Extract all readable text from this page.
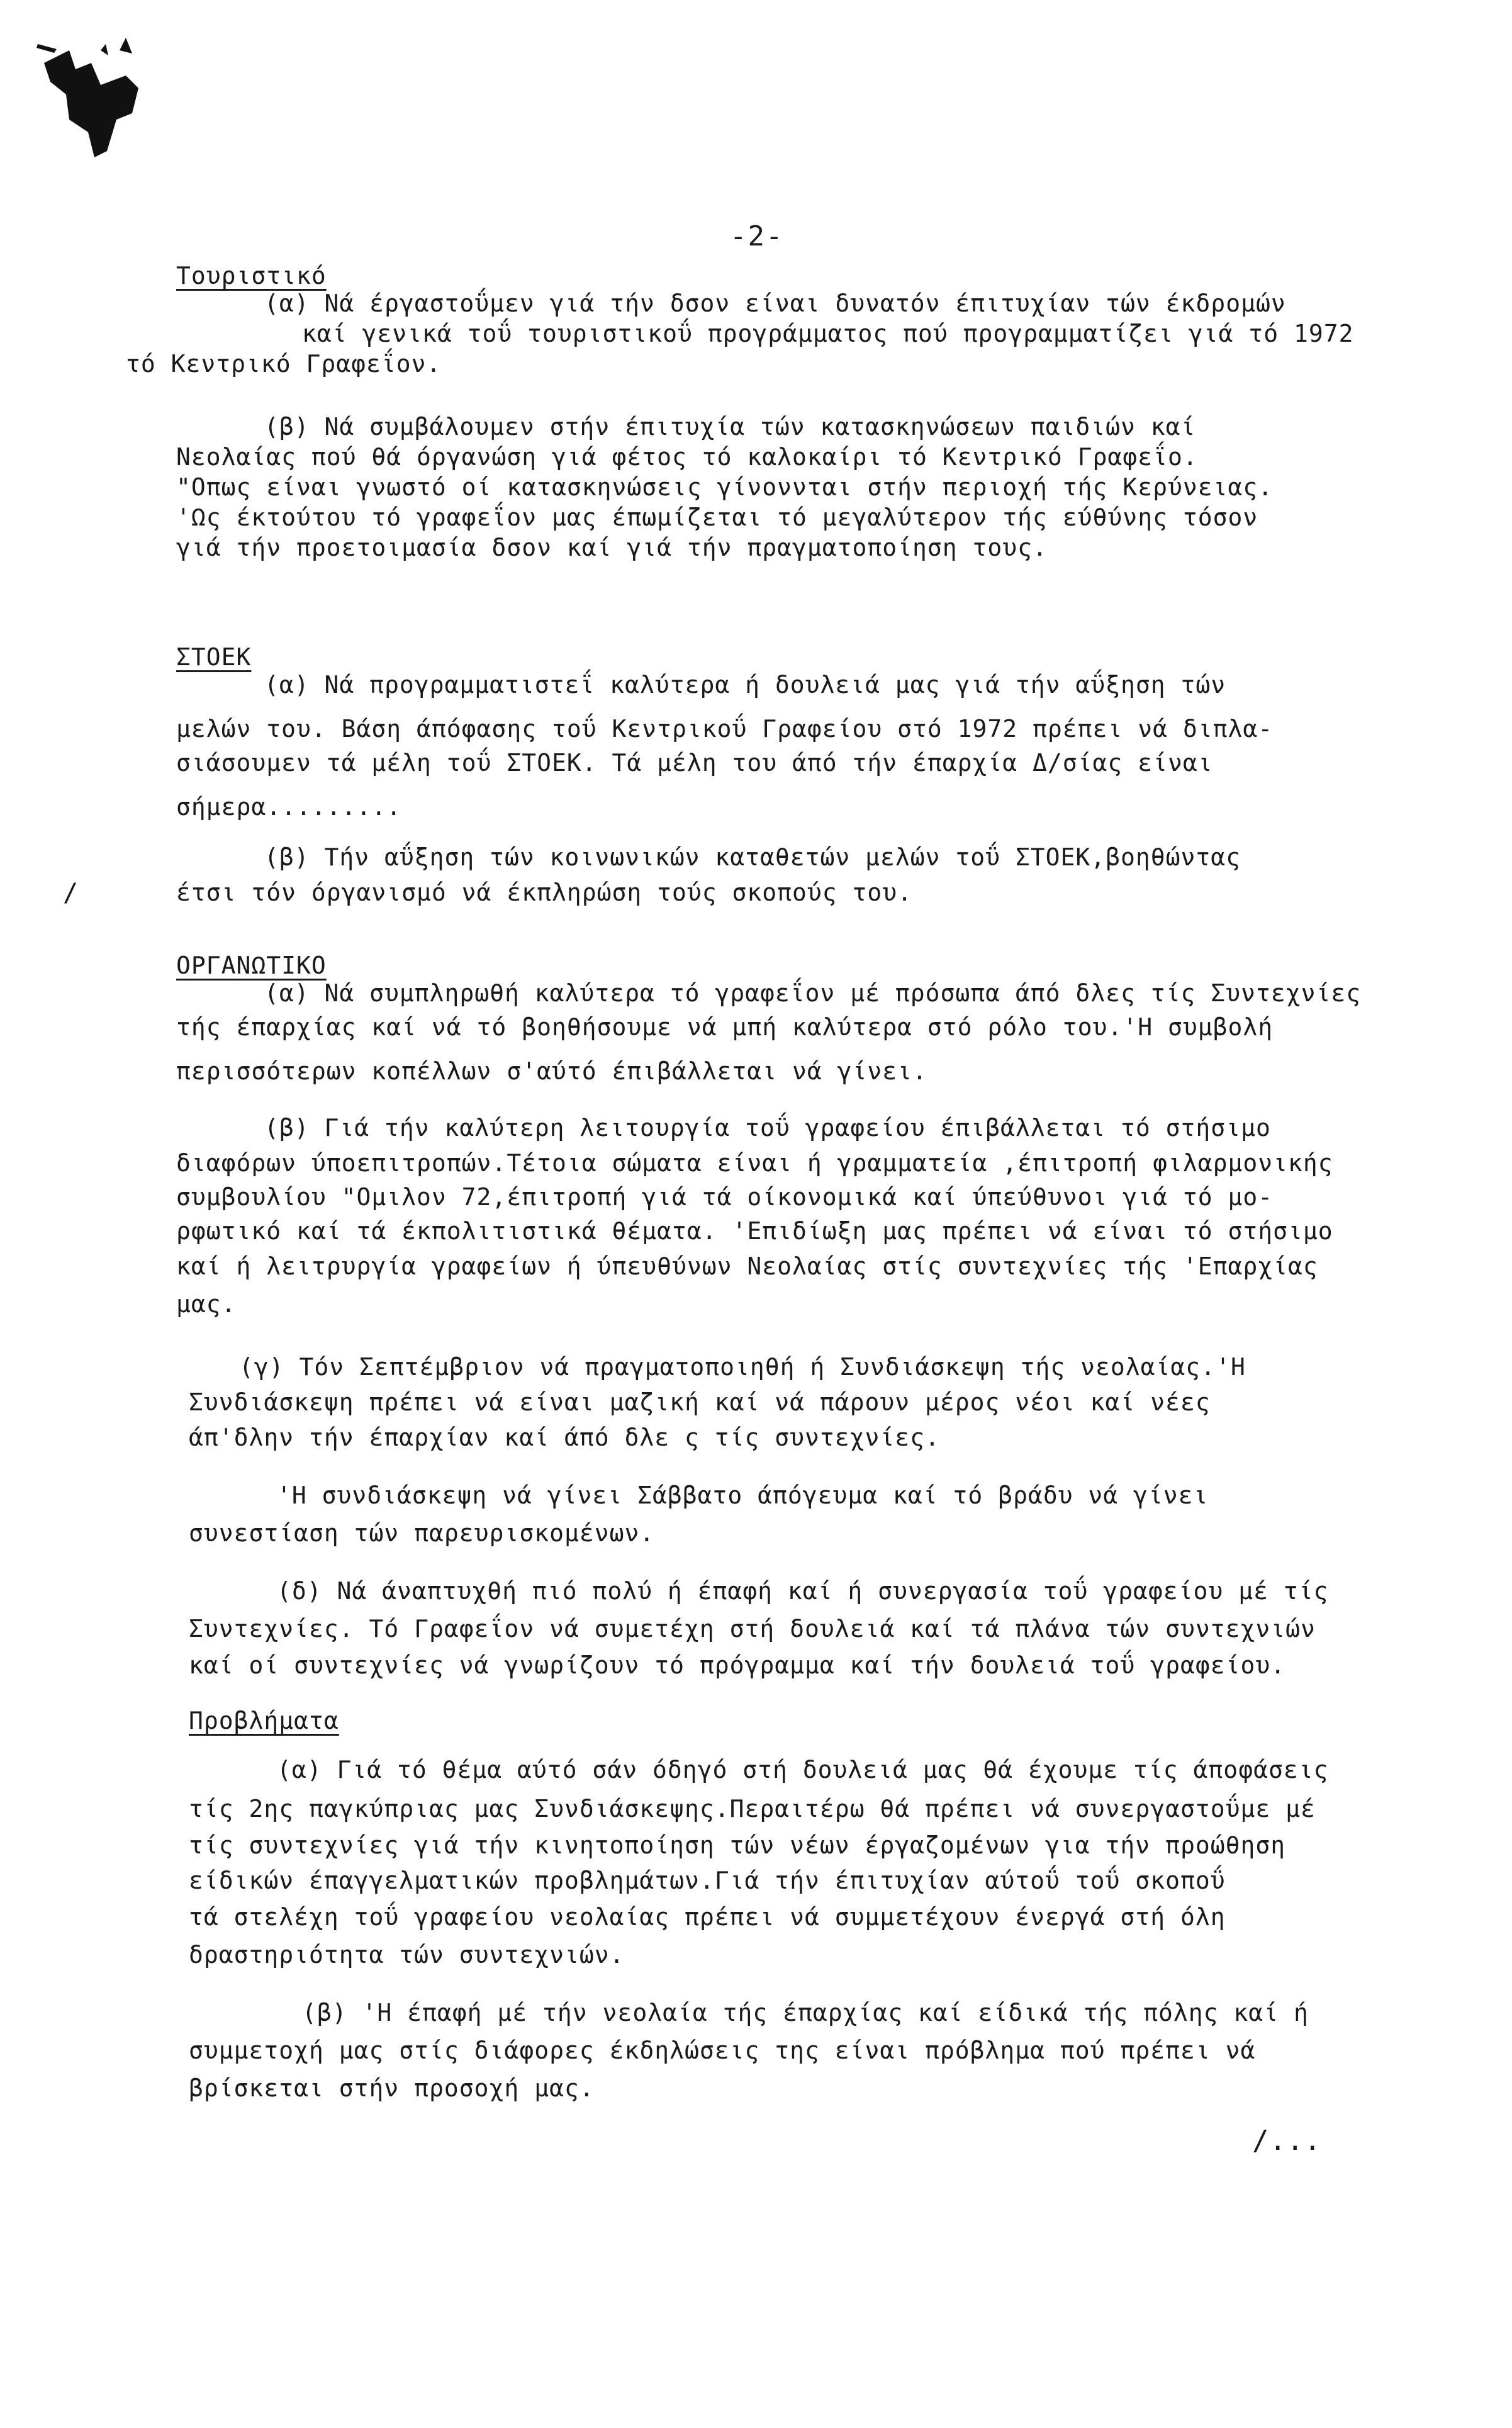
-2-
Τουριστικό
(α) Νά έργαστοΰμεν γιά τήν δσον είναι δυνατόν έπιτυχίαν τών έκδρομών
καί γενικά τοΰ τουριστικοΰ προγράμματος πού προγραμματίζει γιά τό 1972
τό Κεντρικό Γραφεΐον.
(β) Νά συμβάλουμεν στήν έπιτυχία τών κατασκηνώσεων παιδιών καί
Νεολαίας πού θά όργανώση γιά φέτος τό καλοκαίρι τό Κεντρικό Γραφεΐο.
"Οπως είναι γνωστό οί κατασκηνώσεις γίνοννται στήν περιοχή τής Κερύνειας.
'Ως έκτούτου τό γραφεΐον μας έπωμίζεται τό μεγαλύτερον τής εύθύνης τόσον
γιά τήν προετοιμασία δσον καί γιά τήν πραγματοποίηση τους.
ΣΤΟΕΚ
(α) Νά προγραμματιστεΐ καλύτερα ή δουλειά μας γιά τήν αΰξηση τών
μελών του. Βάση άπόφασης τοΰ Κεντρικοΰ Γραφείου στό 1972 πρέπει νά διπλα-
σιάσουμεν τά μέλη τοΰ ΣΤΟΕΚ. Τά μέλη του άπό τήν έπαρχία Δ/σίας είναι
σήμερα.........
(β) Τήν αΰξηση τών κοινωνικών καταθετών μελών τοΰ ΣΤΟΕΚ,βοηθώντας
έτσι τόν όργανισμό νά έκπληρώση τούς σκοπούς του.
/
ΟΡΓΑΝΩΤΙΚΟ
(α) Νά συμπληρωθή καλύτερα τό γραφεΐον μέ πρόσωπα άπό δλες τίς Συντεχνίες
τής έπαρχίας καί νά τό βοηθήσουμε νά μπή καλύτερα στό ρόλο του.'Η συμβολή
περισσότερων κοπέλλων σ'αύτό έπιβάλλεται νά γίνει.
(β) Γιά τήν καλύτερη λειτουργία τοΰ γραφείου έπιβάλλεται τό στήσιμο
διαφόρων ύποεπιτροπών.Τέτοια σώματα είναι ή γραμματεία ,έπιτροπή φιλαρμονικής
συμβουλίου "Ομιλον 72,έπιτροπή γιά τά οίκονομικά καί ύπεύθυνοι γιά τό μο-
ρφωτικό καί τά έκπολιτιστικά θέματα. 'Επιδίωξη μας πρέπει νά είναι τό στήσιμο
καί ή λειτρυργία γραφείων ή ύπευθύνων Νεολαίας στίς συντεχνίες τής 'Επαρχίας
μας.
(γ) Τόν Σεπτέμβριον νά πραγματοποιηθή ή Συνδιάσκεψη τής νεολαίας.'Η
Συνδιάσκεψη πρέπει νά είναι μαζική καί νά πάρουν μέρος νέοι καί νέες
άπ'δλην τήν έπαρχίαν καί άπό δλε ς τίς συντεχνίες.
'Η συνδιάσκεψη νά γίνει Σάββατο άπόγευμα καί τό βράδυ νά γίνει
συνεστίαση τών παρευρισκομένων.
(δ) Νά άναπτυχθή πιό πολύ ή έπαφή καί ή συνεργασία τοΰ γραφείου μέ τίς
Συντεχνίες. Τό Γραφεΐον νά συμετέχη στή δουλειά καί τά πλάνα τών συντεχνιών
καί οί συντεχνίες νά γνωρίζουν τό πρόγραμμα καί τήν δουλειά τοΰ γραφείου.
Προβλήματα
(α) Γιά τό θέμα αύτό σάν όδηγό στή δουλειά μας θά έχουμε τίς άποφάσεις
τίς 2ης παγκύπριας μας Συνδιάσκεψης.Περαιτέρω θά πρέπει νά συνεργαστοΰμε μέ
τίς συντεχνίες γιά τήν κινητοποίηση τών νέων έργαζομένων για τήν προώθηση
είδικών έπαγγελματικών προβλημάτων.Γιά τήν έπιτυχίαν αύτοΰ τοΰ σκοποΰ
τά στελέχη τοΰ γραφείου νεολαίας πρέπει νά συμμετέχουν ένεργά στή όλη
δραστηριότητα τών συντεχνιών.
(β) 'Η έπαφή μέ τήν νεολαία τής έπαρχίας καί είδικά τής πόλης καί ή
συμμετοχή μας στίς διάφορες έκδηλώσεις της είναι πρόβλημα πού πρέπει νά
βρίσκεται στήν προσοχή μας.
/...
